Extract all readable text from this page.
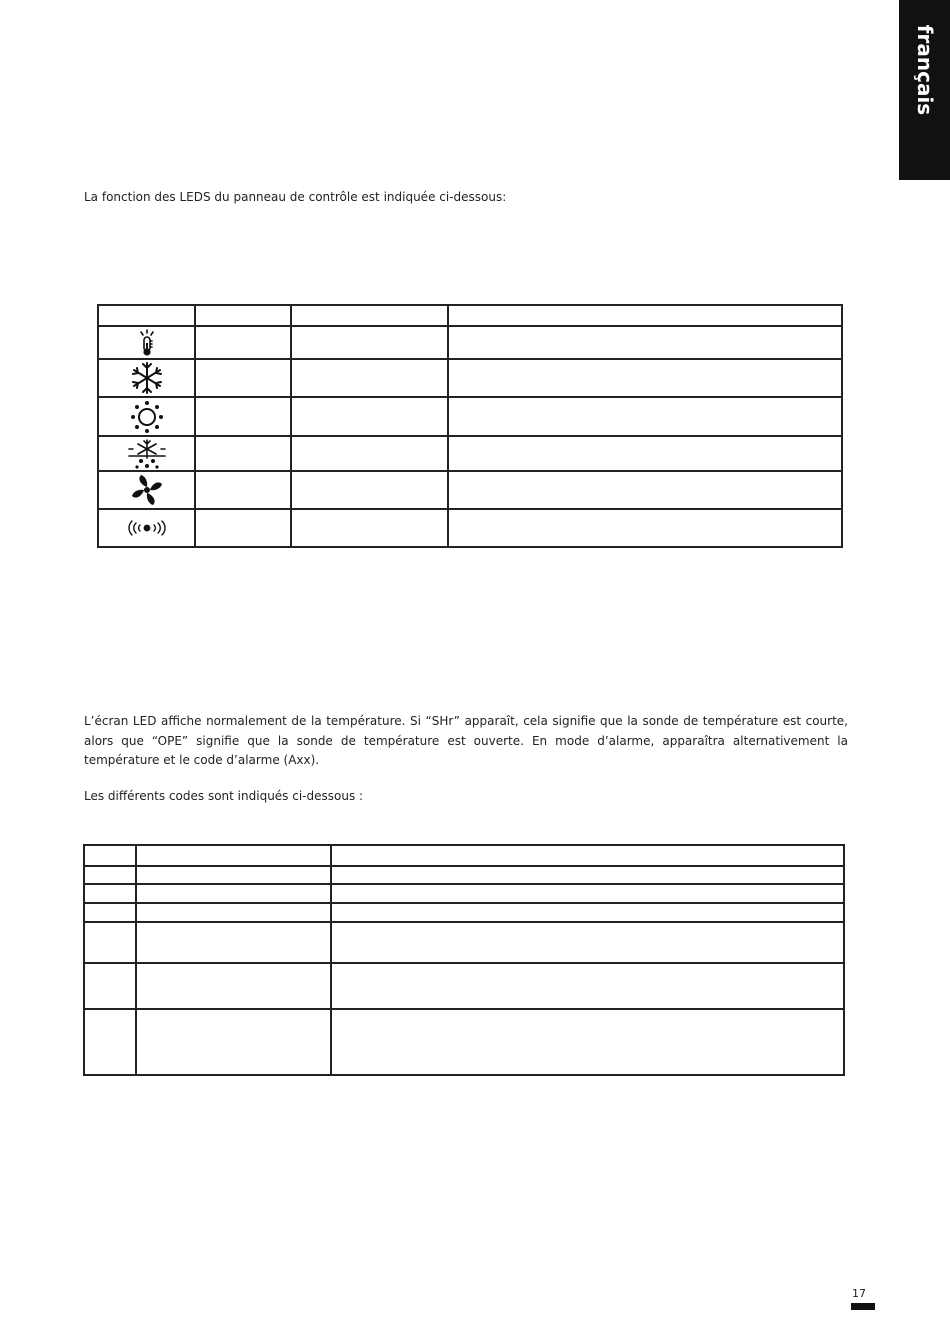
français
La fonction des LEDS du panneau de contrôle est indiquée ci-dessous:

L’écran LED affiche normalement de la température. Si “SHr” apparaît, cela signifie que la sonde de température est courte, alors que “OPE” signifie que la sonde de température est ouverte. En mode d’alarme, apparaîtra alternativement la température et le code d’alarme (Axx).
Les différents codes sont indiqués ci-dessous :

17
